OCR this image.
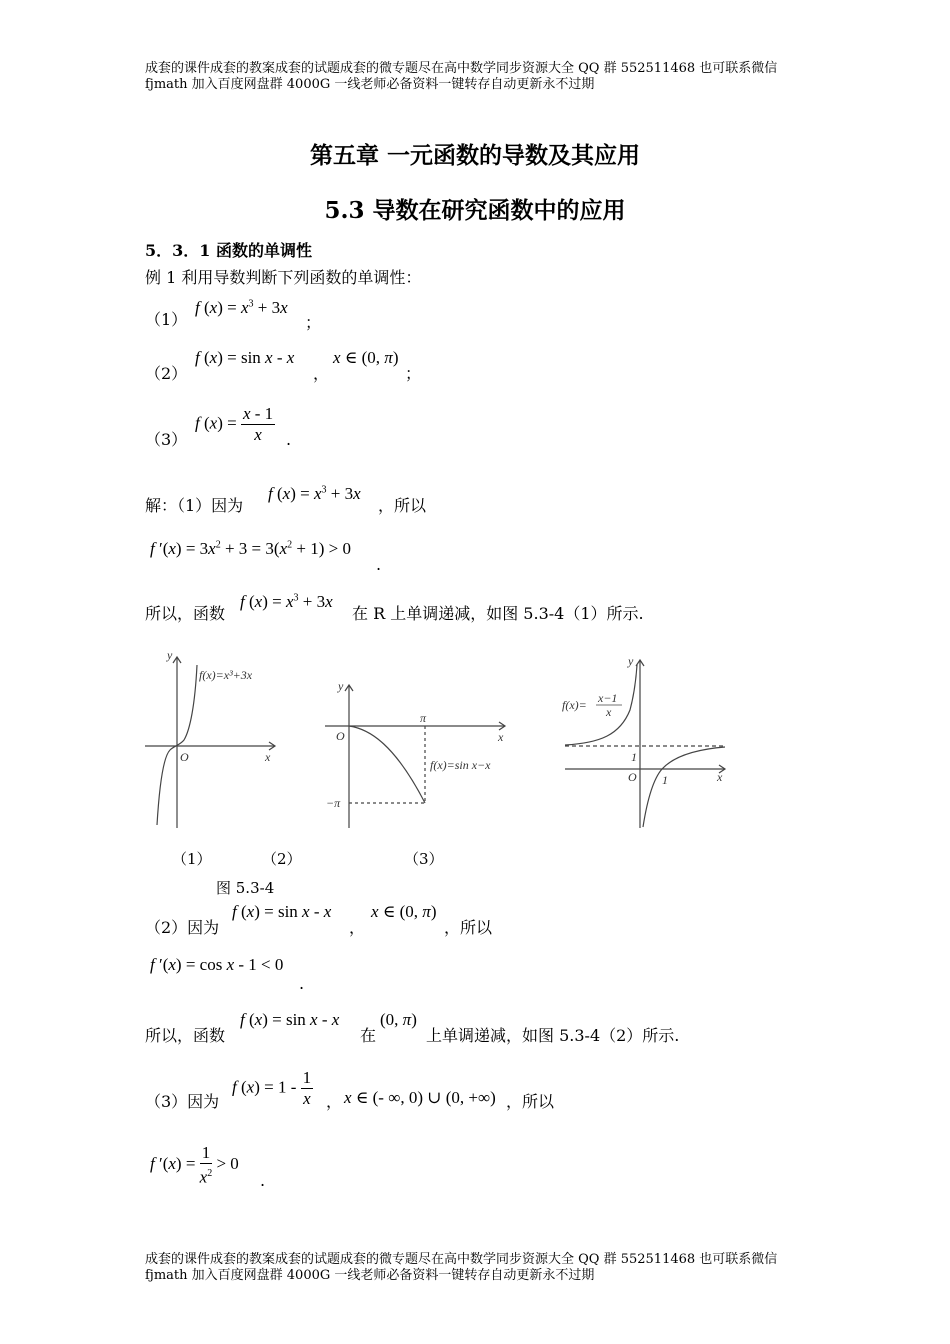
成套的课件成套的教案成套的试题成套的微专题尽在高中数学同步资源大全 QQ 群 552511468 也可联系微信 fjmath 加入百度网盘群 4000G 一线老师必备资料一键转存自动更新永不过期
第五章 一元函数的导数及其应用
5.3 导数在研究函数中的应用
5．3．1 函数的单调性
例 1 利用导数判断下列函数的单调性：
（1）
f $(x) = x^3 + 3x$
；
（2）
f (x) = sin x - x
，
x ∈ (0, π)
；
（3）
f $(x) = \frac{x - 1}{x}$ .
解：（1）因为
f $(x) = x^3 + 3x$
，所以
f $'(x) = 3x^2 + 3 = 3(x^2 + 1) > 0$
.
所以，函数
f $(x) = x^3 + 3x$
在 R 上单调递减，如图 5.3-4（1）所示.
y
x
O
f(x)=x³+3x
y
x
O
π
−π
f(x)=sin x−x
y
x
O 1
1
f(x)= x−1
x
（1）	（2）	（3）
图 5.3-4
（2）因为
f (x) = sin x - x
，
x ∈ (0, π)
，所以
f ′(x) = cos x - 1 < 0
.
所以，函数
f (x) = sin x - x
在
(0, π)
上单调递减，如图 5.3-4（2）所示.
（3）因为
f $(x) = 1 - \frac{1}{x}$ ， x ∈ (- ∞, 0) ∪ (0, +∞) ，所以
f $'(x) = \frac{1}{x^2} > 0$
.
成套的课件成套的教案成套的试题成套的微专题尽在高中数学同步资源大全 QQ 群 552511468 也可联系微信 fjmath 加入百度网盘群 4000G 一线老师必备资料一键转存自动更新永不过期
